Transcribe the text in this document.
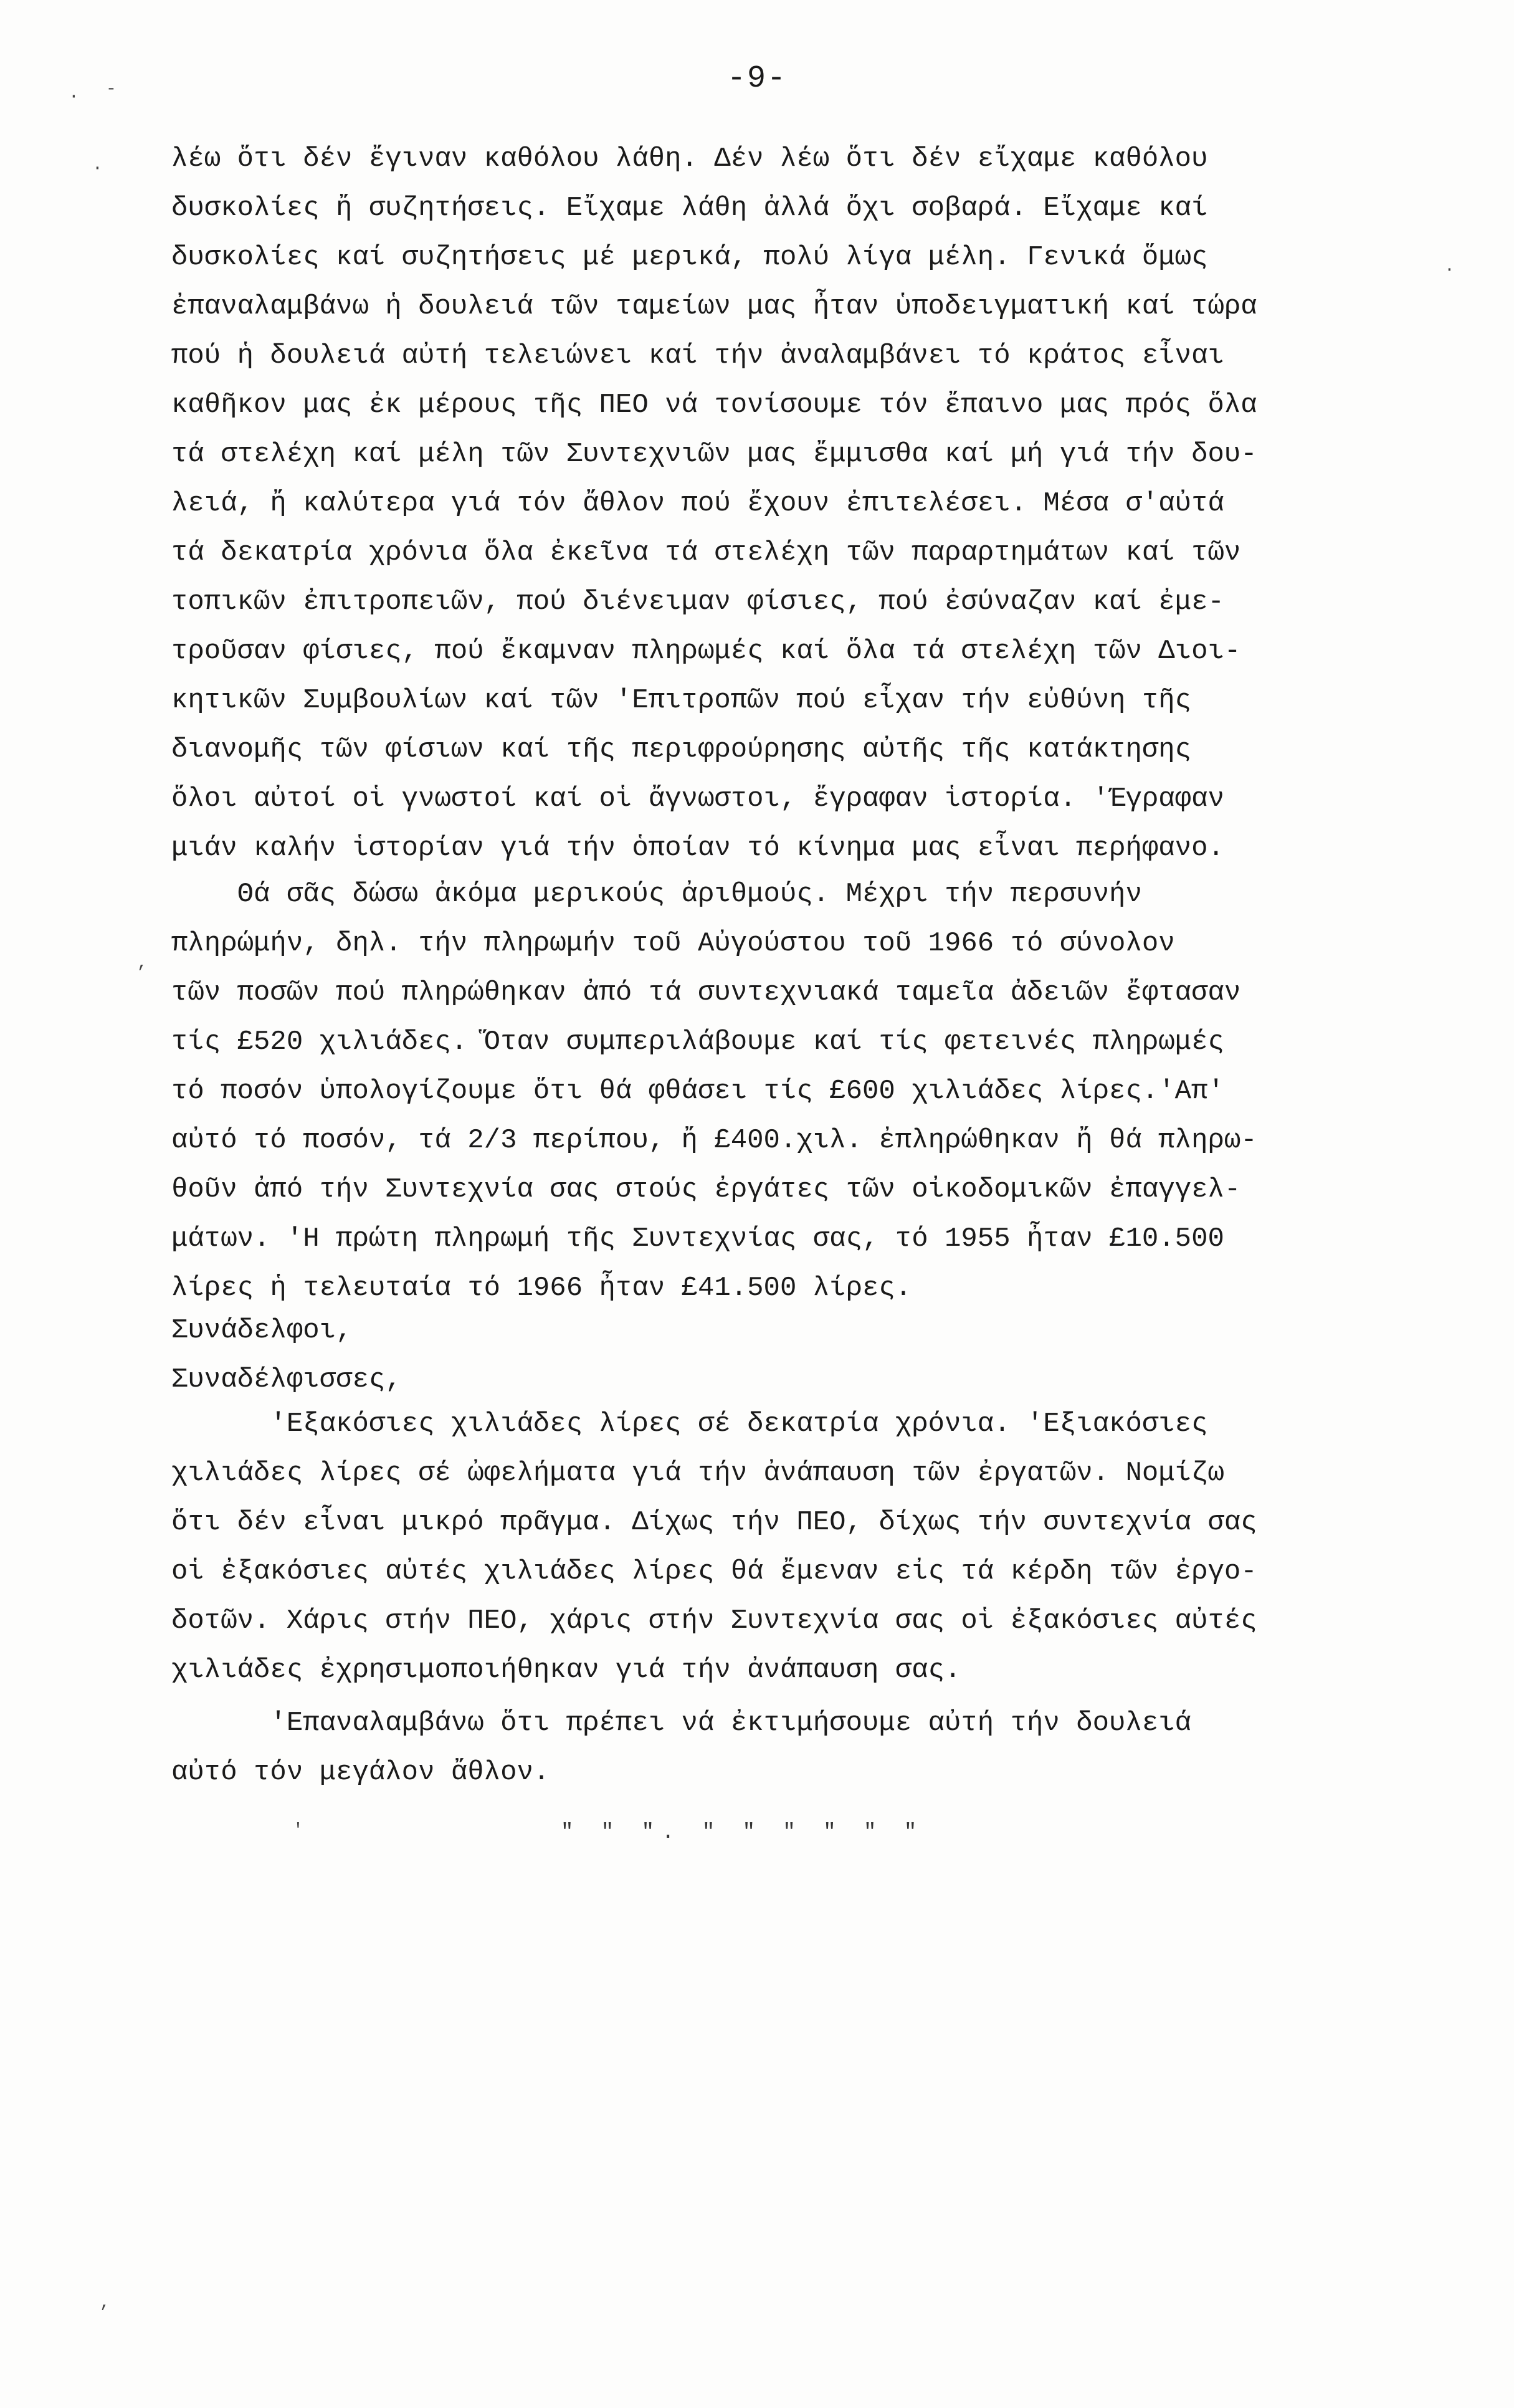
-9-
λέω ὅτι δέν ἔγιναν καθόλου λάθη. Δέν λέω ὅτι δέν εἴχαμε καθόλου
δυσκολίες ἤ συζητήσεις. Εἴχαμε λάθη ἀλλά ὄχι σοβαρά. Εἴχαμε καί
δυσκολίες καί συζητήσεις μέ μερικά, πολύ λίγα μέλη. Γενικά ὅμως
ἐπαναλαμβάνω ἡ δουλειά τῶν ταμείων μας ἦταν ὑποδειγματική καί τώρα
πού ἡ δουλειά αὐτή τελειώνει καί τήν ἀναλαμβάνει τό κράτος εἶναι
καθῆκον μας ἐκ μέρους τῆς ΠΕΟ νά τονίσουμε τόν ἔπαινο μας πρός ὅλα
τά στελέχη καί μέλη τῶν Συντεχνιῶν μας ἔμμισθα καί μή γιά τήν δου-
λειά, ἤ καλύτερα γιά τόν ἄθλον πού ἔχουν ἐπιτελέσει. Μέσα σ'αὐτά
τά δεκατρία χρόνια ὅλα ἐκεῖνα τά στελέχη τῶν παραρτημάτων καί τῶν
τοπικῶν ἐπιτροπειῶν, πού διένειμαν φίσιες, πού ἐσύναζαν καί ἐμε-
τροῦσαν φίσιες, πού ἔκαμναν πληρωμές καί ὅλα τά στελέχη τῶν Διοι-
κητικῶν Συμβουλίων καί τῶν 'Επιτροπῶν πού εἶχαν τήν εὐθύνη τῆς
διανομῆς τῶν φίσιων καί τῆς περιφρούρησης αὐτῆς τῆς κατάκτησης
ὅλοι αὐτοί οἱ γνωστοί καί οἱ ἄγνωστοι, ἔγραφαν ἱστορία. 'Έγραφαν
μιάν καλήν ἱστορίαν γιά τήν ὁποίαν τό κίνημα μας εἶναι περήφανο.
Θά σᾶς δώσω ἀκόμα μερικούς ἀριθμούς. Μέχρι τήν περσυνήν
πληρώμήν, δηλ. τήν πληρωμήν τοῦ Αὐγούστου τοῦ 1966 τό σύνολον
τῶν ποσῶν πού πληρώθηκαν ἀπό τά συντεχνιακά ταμεῖα ἀδειῶν ἔφτασαν
τίς £520 χιλιάδες. Ὅταν συμπεριλάβουμε καί τίς φετεινές πληρωμές
τό ποσόν ὑπολογίζουμε ὅτι θά φθάσει τίς £600 χιλιάδες λίρες.'Απ'
αὐτό τό ποσόν, τά 2/3 περίπου, ἤ £400.χιλ. ἐπληρώθηκαν ἤ θά πληρω-
θοῦν ἀπό τήν Συντεχνία σας στούς ἐργάτες τῶν οἰκοδομικῶν ἐπαγγελ-
μάτων. 'Η πρώτη πληρωμή τῆς Συντεχνίας σας, τό 1955 ἦταν £10.500
λίρες ἡ τελευταία τό 1966 ἦταν £41.500 λίρες.
Συνάδελφοι,
Συναδέλφισσες,
'Εξακόσιες χιλιάδες λίρες σέ δεκατρία χρόνια. 'Εξιακόσιες
χιλιάδες λίρες σέ ὠφελήματα γιά τήν ἀνάπαυση τῶν ἐργατῶν. Νομίζω
ὅτι δέν εἶναι μικρό πρᾶγμα. Δίχως τήν ΠΕΟ, δίχως τήν συντεχνία σας
οἱ ἐξακόσιες αὐτές χιλιάδες λίρες θά ἔμεναν εἰς τά κέρδη τῶν ἐργο-
δοτῶν. Χάρις στήν ΠΕΟ, χάρις στήν Συντεχνία σας οἱ ἐξακόσιες αὐτές
χιλιάδες ἐχρησιμοποιήθηκαν γιά τήν ἀνάπαυση σας.
'Επαναλαμβάνω ὅτι πρέπει νά ἐκτιμήσουμε αὐτή τήν δουλειά
αὐτό τόν μεγάλον ἄθλον.
" " ". " " " " " "
· -
·
·
,
'
,
